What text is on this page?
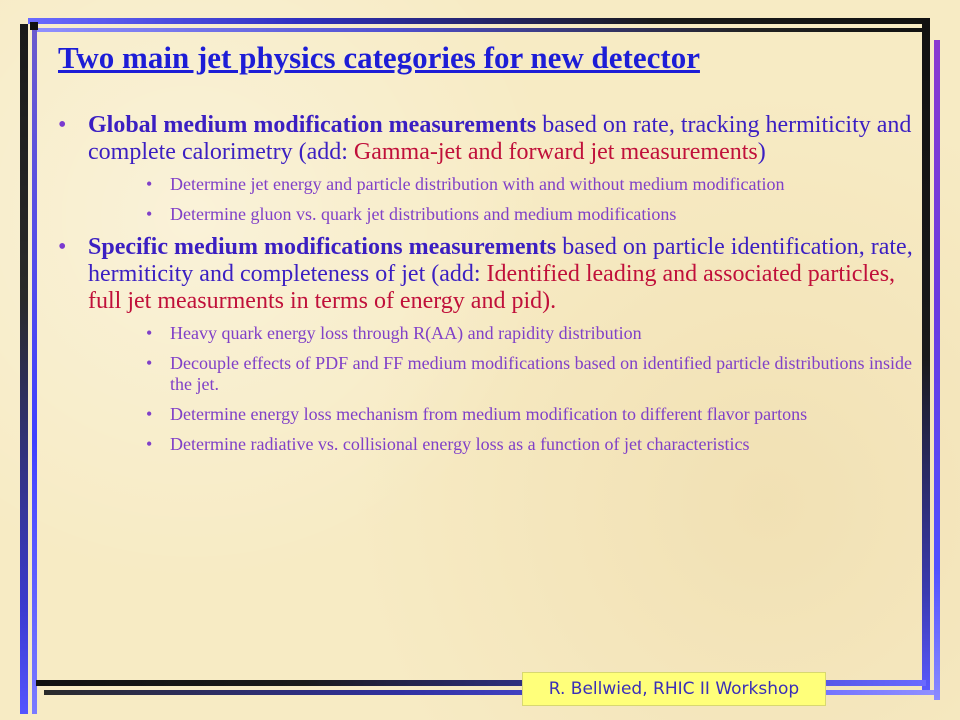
Two main jet physics categories for new detector
• Global medium modification measurements based on rate, tracking hermiticity and complete calorimetry (add: Gamma-jet and forward jet measurements)
• Determine jet energy and particle distribution with and without medium modification
• Determine gluon vs. quark jet distributions and medium modifications
• Specific medium modifications measurements based on particle identification, rate, hermiticity and completeness of jet (add: Identified leading and associated particles, full jet measurments in terms of energy and pid).
• Heavy quark energy loss through R(AA) and rapidity distribution
• Decouple effects of PDF and FF medium modifications based on identified particle distributions inside the jet.
• Determine energy loss mechanism from medium modification to different flavor partons
• Determine radiative vs. collisional energy loss as a function of jet characteristics
R. Bellwied, RHIC II Workshop
